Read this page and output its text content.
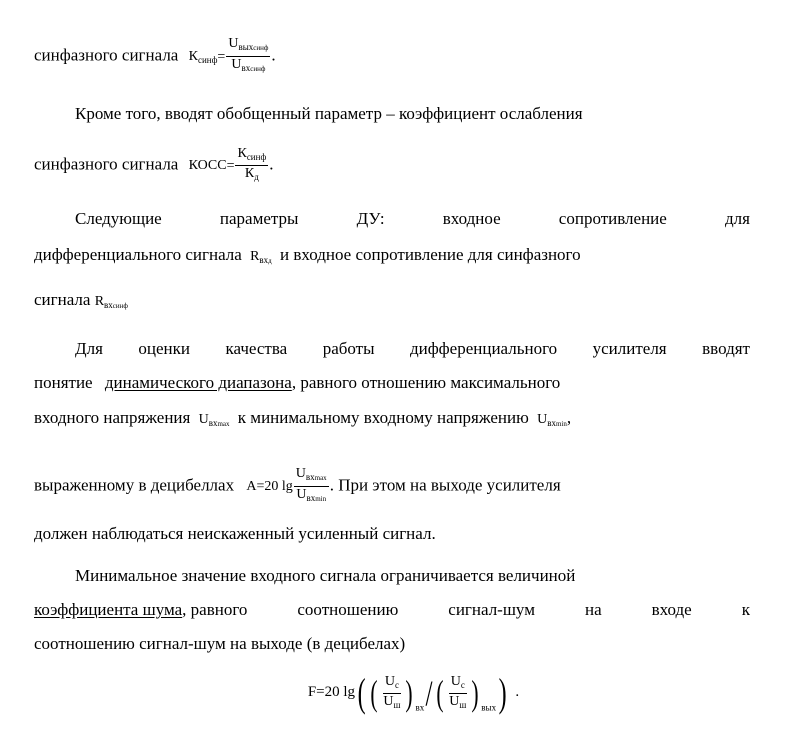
синфазного сигнала $К_{синф}= \frac{U_{выхсинф}}{U_{вхсинф}}$ .
Кроме того, вводят обобщенный параметр – коэффициент ослабления
синфазного сигнала КОСС= $\frac{К_{синф}}{К_д}$ .
Следующие	параметры	ДУ:	входное	сопротивление	для
дифференциального сигнала $R_{вхд}$ и входное сопротивление для синфазного
сигнала $R_{вхсинф}$
Для оценки качества работы дифференциального усилителя вводят
понятие динамического диапазона, равного отношению максимального
входного напряжения $U_{вхmax}$ к минимальному входному напряжению $U_{вхmin}$,
выраженному в децибеллах A=20 $\lg \frac{U_{вхmax}}{U_{вхmin}}$ . При этом на выходе усилителя
должен наблюдаться неискаженный усиленный сигнал.
Минимальное значение входного сигнала ограничивается величиной
коэффициента шума, равного	соотношению	сигнал-шум	на	входе	к
соотношению сигнал-шум на выходе (в децибелах)
F=20 lg( ( $\frac{U_c}{U_ш}$ ) $_{вх}$/ ( $\frac{U_c}{U_ш}$ ) $_{вых}$) .
